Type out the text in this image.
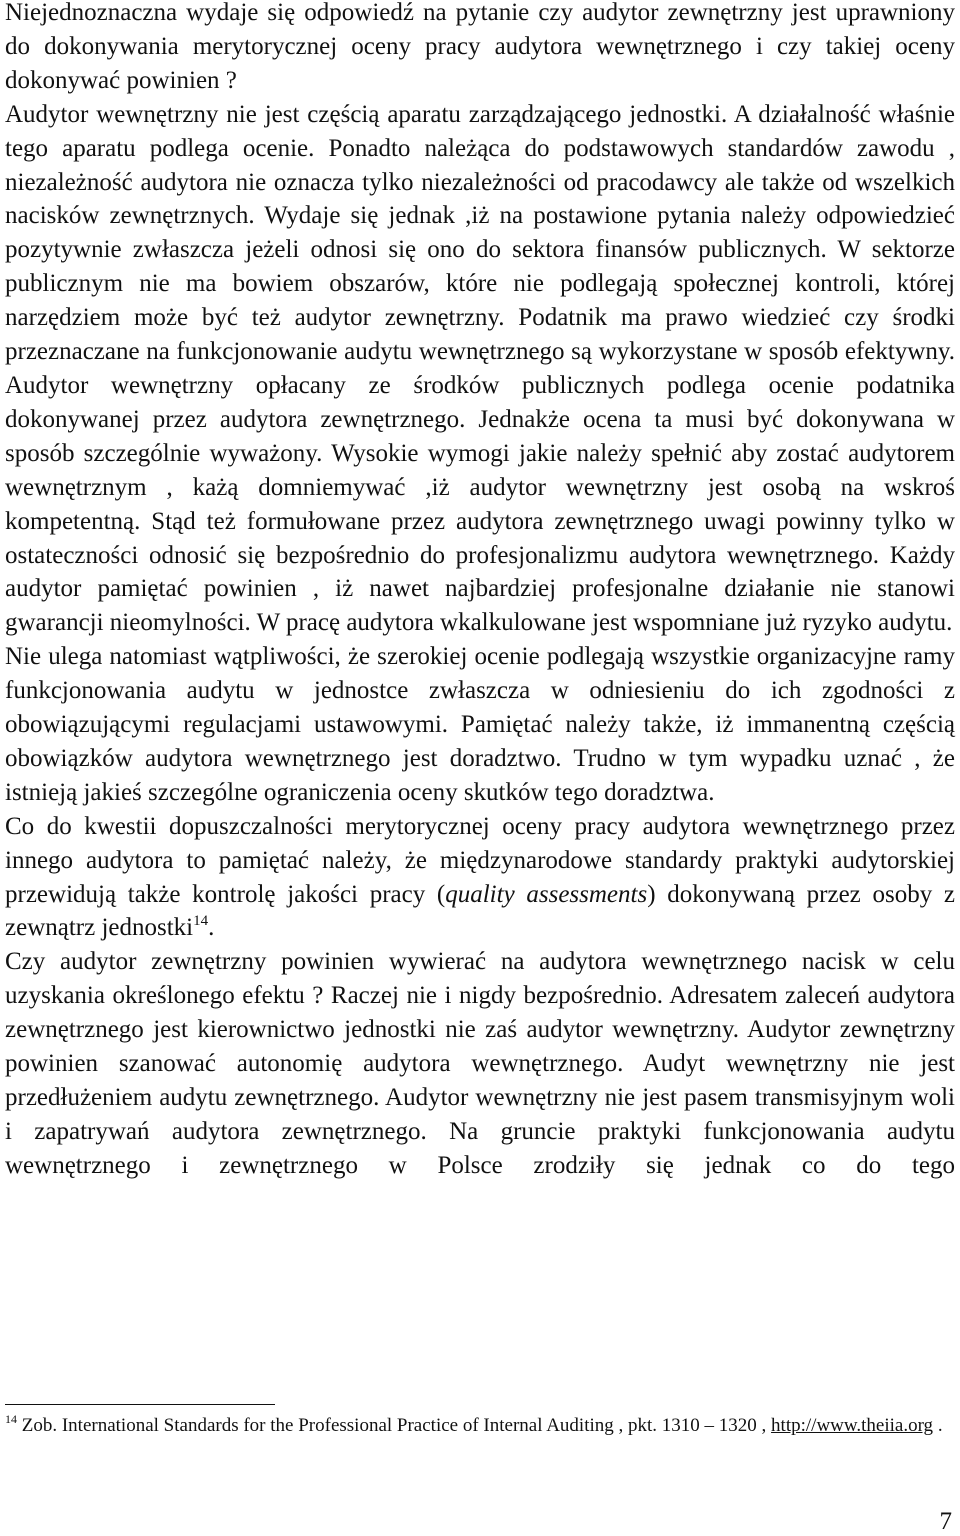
Niejednoznaczna wydaje się odpowiedź na pytanie czy audytor zewnętrzny jest uprawniony do dokonywania merytorycznej oceny pracy audytora wewnętrznego i czy takiej oceny dokonywać powinien ?

Audytor wewnętrzny nie jest częścią aparatu zarządzającego jednostki. A działalność właśnie tego aparatu podlega ocenie. Ponadto należąca do podstawowych standardów zawodu , niezależność audytora nie oznacza tylko niezależności od pracodawcy ale także od wszelkich nacisków zewnętrznych. Wydaje się jednak ,iż na postawione pytania należy odpowiedzieć pozytywnie zwłaszcza jeżeli odnosi się ono do sektora finansów publicznych. W sektorze publicznym nie ma bowiem obszarów, które nie podlegają społecznej kontroli, której narzędziem może być też audytor zewnętrzny. Podatnik ma prawo wiedzieć czy środki przeznaczane na funkcjonowanie audytu wewnętrznego są wykorzystane w sposób efektywny. Audytor wewnętrzny opłacany ze środków publicznych podlega ocenie podatnika dokonywanej przez audytora zewnętrznego. Jednakże ocena ta musi być dokonywana w sposób szczególnie wyważony. Wysokie wymogi jakie należy spełnić aby zostać audytorem wewnętrznym , każą domniemywać ,iż audytor wewnętrzny jest osobą na wskroś kompetentną. Stąd też formułowane przez audytora zewnętrznego uwagi powinny tylko w ostateczności odnosić się bezpośrednio do profesjonalizmu audytora wewnętrznego. Każdy audytor pamiętać powinien , iż nawet najbardziej profesjonalne działanie nie stanowi gwarancji nieomylności. W pracę audytora wkalkulowane jest wspomniane już ryzyko audytu.

Nie ulega natomiast wątpliwości, że szerokiej ocenie podlegają wszystkie organizacyjne ramy funkcjonowania audytu w jednostce zwłaszcza w odniesieniu do ich zgodności z obowiązującymi regulacjami ustawowymi. Pamiętać należy także, iż immanentną częścią obowiązków audytora wewnętrznego jest doradztwo. Trudno w tym wypadku uznać , że istnieją jakieś szczególne ograniczenia oceny skutków tego doradztwa.

Co do kwestii dopuszczalności merytorycznej oceny pracy audytora wewnętrznego przez innego audytora to pamiętać należy, że międzynarodowe standardy praktyki audytorskiej przewidują także kontrolę jakości pracy (quality assessments) dokonywaną przez osoby z zewnątrz jednostki$^{14}$.

Czy audytor zewnętrzny powinien wywierać na audytora wewnętrznego nacisk w celu uzyskania określonego efektu ? Raczej nie i nigdy bezpośrednio. Adresatem zaleceń audytora zewnętrznego jest kierownictwo jednostki nie zaś audytor wewnętrzny. Audytor zewnętrzny powinien szanować autonomię audytora wewnętrznego. Audyt wewnętrzny nie jest przedłużeniem audytu zewnętrznego. Audytor wewnętrzny nie jest pasem transmisyjnym woli i zapatrywań audytora zewnętrznego. Na gruncie praktyki funkcjonowania audytu wewnętrznego i zewnętrznego w Polsce zrodziły się jednak co do tego

$^{14}$ Zob. International Standards for the Professional Practice of Internal Auditing , pkt. 1310 – 1320 , http://www.theiia.org .
7
